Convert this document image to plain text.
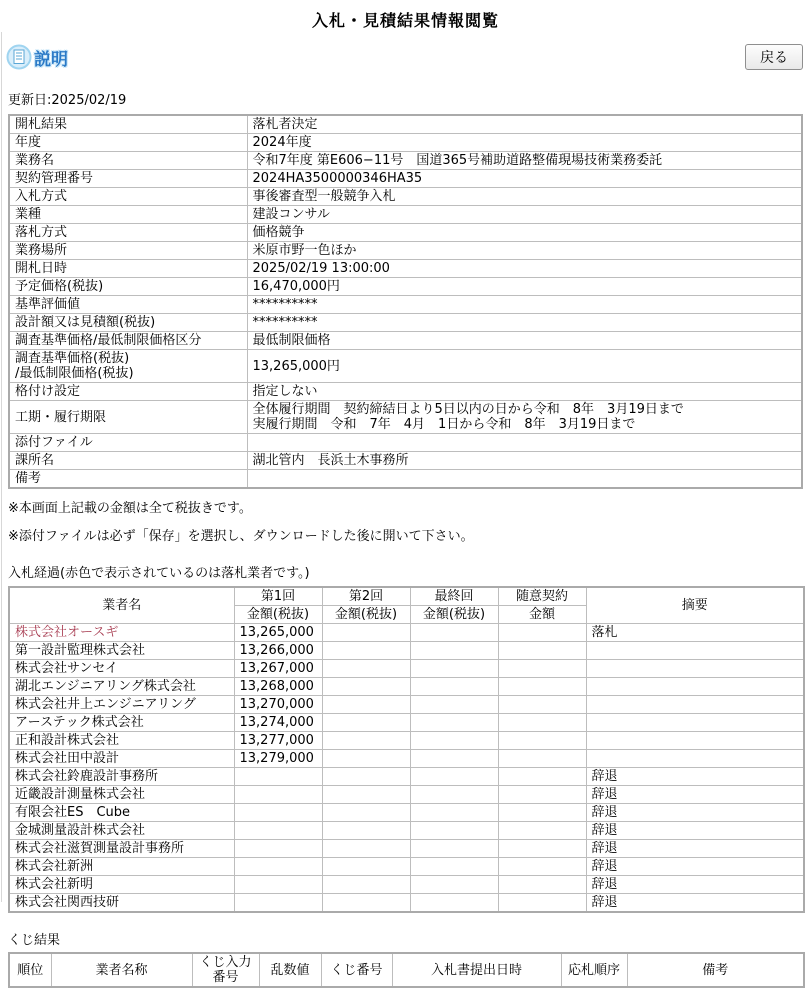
入札・見積結果情報閲覧
説明	戻る
更新日:2025/02/19
開札結果	落札者決定
年度	2024年度
業務名	令和7年度 第E606−11号　国道365号補助道路整備現場技術業務委託
契約管理番号	2024HA3500000346HA35
入札方式	事後審査型一般競争入札
業種	建設コンサル
落札方式	価格競争
業務場所	米原市野一色ほか
開札日時	2025/02/19 13:00:00
予定価格(税抜)	16,470,000円
基準評価値	**********
設計額又は見積額(税抜)	**********
調査基準価格/最低制限価格区分	最低制限価格
調査基準価格(税抜)
/最低制限価格(税抜)	13,265,000円
格付け設定	指定しない
工期・履行期限	全体履行期間　契約締結日より5日以内の日から令和　8年　3月19日まで
実履行期間　令和　7年　4月　1日から令和　8年　3月19日まで
添付ファイル	
課所名	湖北管内　長浜土木事務所
備考	
※本画面上記載の金額は全て税抜きです。
※添付ファイルは必ず「保存」を選択し、ダウンロードした後に開いて下さい。
入札経過(赤色で表示されているのは落札業者です。)
業者名	第1回	第2回	最終回	随意契約	摘要
	金額(税抜)	金額(税抜)	金額(税抜)	金額	
株式会社オースギ	13,265,000				落札
第一設計監理株式会社	13,266,000				
株式会社サンセイ	13,267,000				
湖北エンジニアリング株式会社	13,268,000				
株式会社井上エンジニアリング	13,270,000				
アーステック株式会社	13,274,000				
正和設計株式会社	13,277,000				
株式会社田中設計	13,279,000				
株式会社鈴鹿設計事務所					辞退
近畿設計測量株式会社					辞退
有限会社ES　Cube					辞退
金城測量設計株式会社					辞退
株式会社滋賀測量設計事務所					辞退
株式会社新洲					辞退
株式会社新明					辞退
株式会社関西技研					辞退
くじ結果
順位	業者名称	くじ入力番号	乱数値	くじ番号	入札書提出日時	応札順序	備考
